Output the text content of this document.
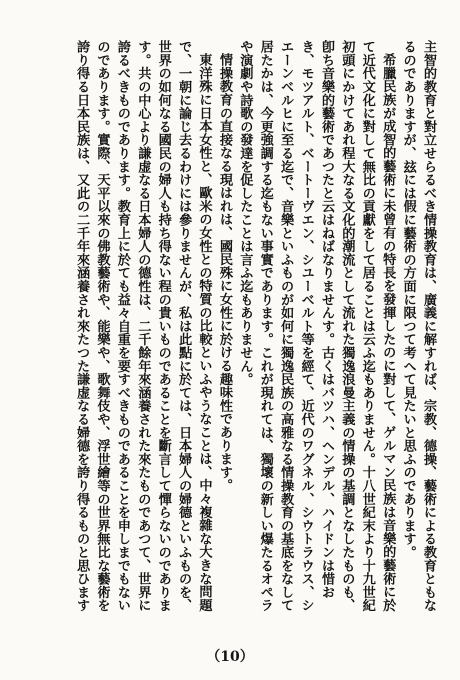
主智的教育と對立せらるべき情操教育は、廣義に解すれば、宗教、德操、藝術による教育ともなるのでありますが、玆には假に藝術の方面に限つて考へて見たいと思ふのであります。

希臘民族が成智的藝術に未曾有の特長を發揮したのに對して、ゲルマン民族は音樂的藝術に於て近代文化に對して無比の貢獻をして居ることは云ふ迄もありません。十八世紀末より十九世紀初頭にかけてあれ程大なる文化的潮流として流れた獨逸浪曼主義の情操の基調となしたものも、卽ち音樂的藝術であつたと云はねばなりませんす。古くはバツハ、ヘンデル、ハイドンは惜おき、モツアルト、ベートーヴエン、シユーベルト等を經て、近代のワグネル、シウトラウス、シエーンベルヒに至る迄で、音樂といふものが如何に獨逸民族の高雅なる情操教育の基底をなして居たかは、今更強調する迄もない事實であります。これが現れては、獨壞の新しい爆たるオペラや演劇や詩歌の發達を促したことは言ふ迄もありません。

情操教育の直接なる現はれは、國民殊に女性に於ける趣味性であります。

東洋殊に日本女性と、歐米の女性との特質の比較といふやうなことは、中々複雜な大きな問題で、一朝に論じ去るわけには參りませんが、私は此點に於ては、日本婦人の婦德といふものを、世界の如何なる國民の婦人も持ち得ない程の貴いものであることを斷言して憚らないのであります。共の中心より謙虚なる日本婦人の德性は、二千餘年來涵養された來たものであつて、世界に誇るべきものであります。教育上に於ても益々自重を要すべきものであることを申しまでもないのであります。實際、天平以來の佛教藝術や、能樂や、歌舞伎や、浮世繪等の世界無比な藝術を誇り得る日本民族は、又此の二千年來涵養され來たつた謙虚なる婦德を誇り得るものと思ひます

（10）
